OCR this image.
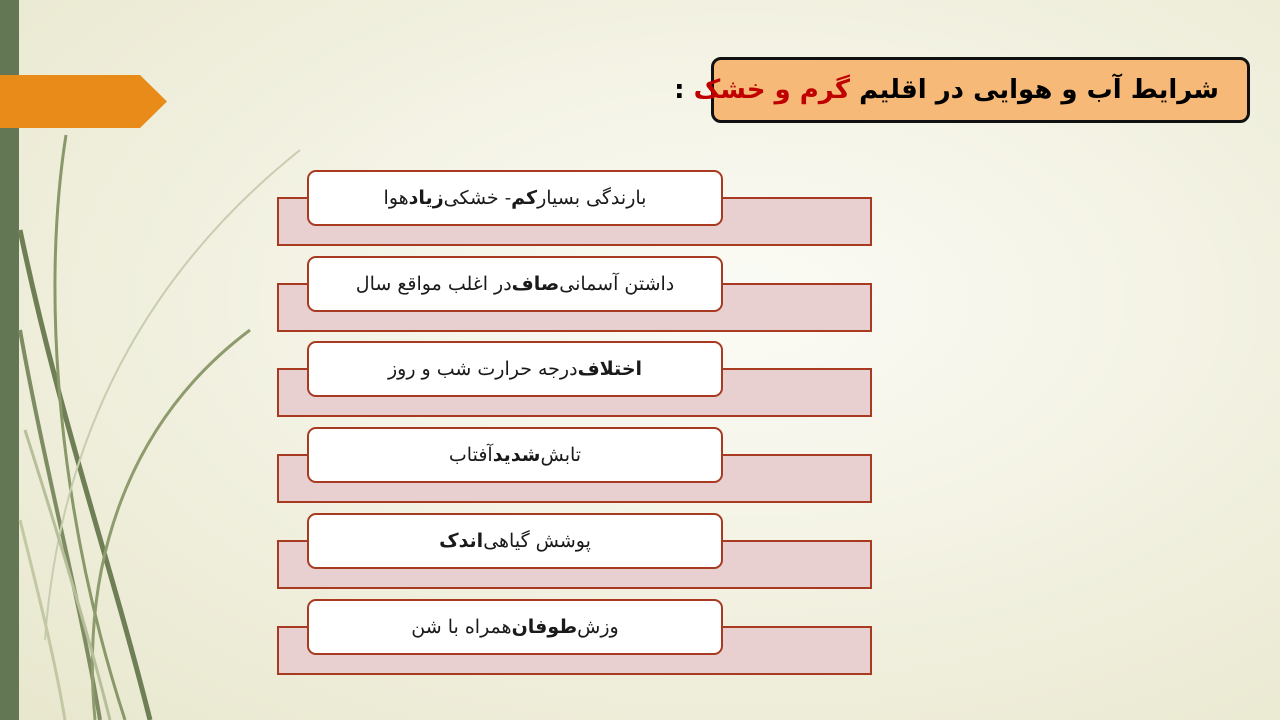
شرایط آب و هوایی در اقلیم گرم و خشک :
بارندگی بسیار
کم
- خشکی
زیاد
هوا
داشتن آسمانی
صاف
در اغلب مواقع سال
اختلاف
درجه حرارت شب و روز
تابش
شدید
آفتاب
پوشش گیاهی
اندک
وزش
طوفان
همراه با شن
